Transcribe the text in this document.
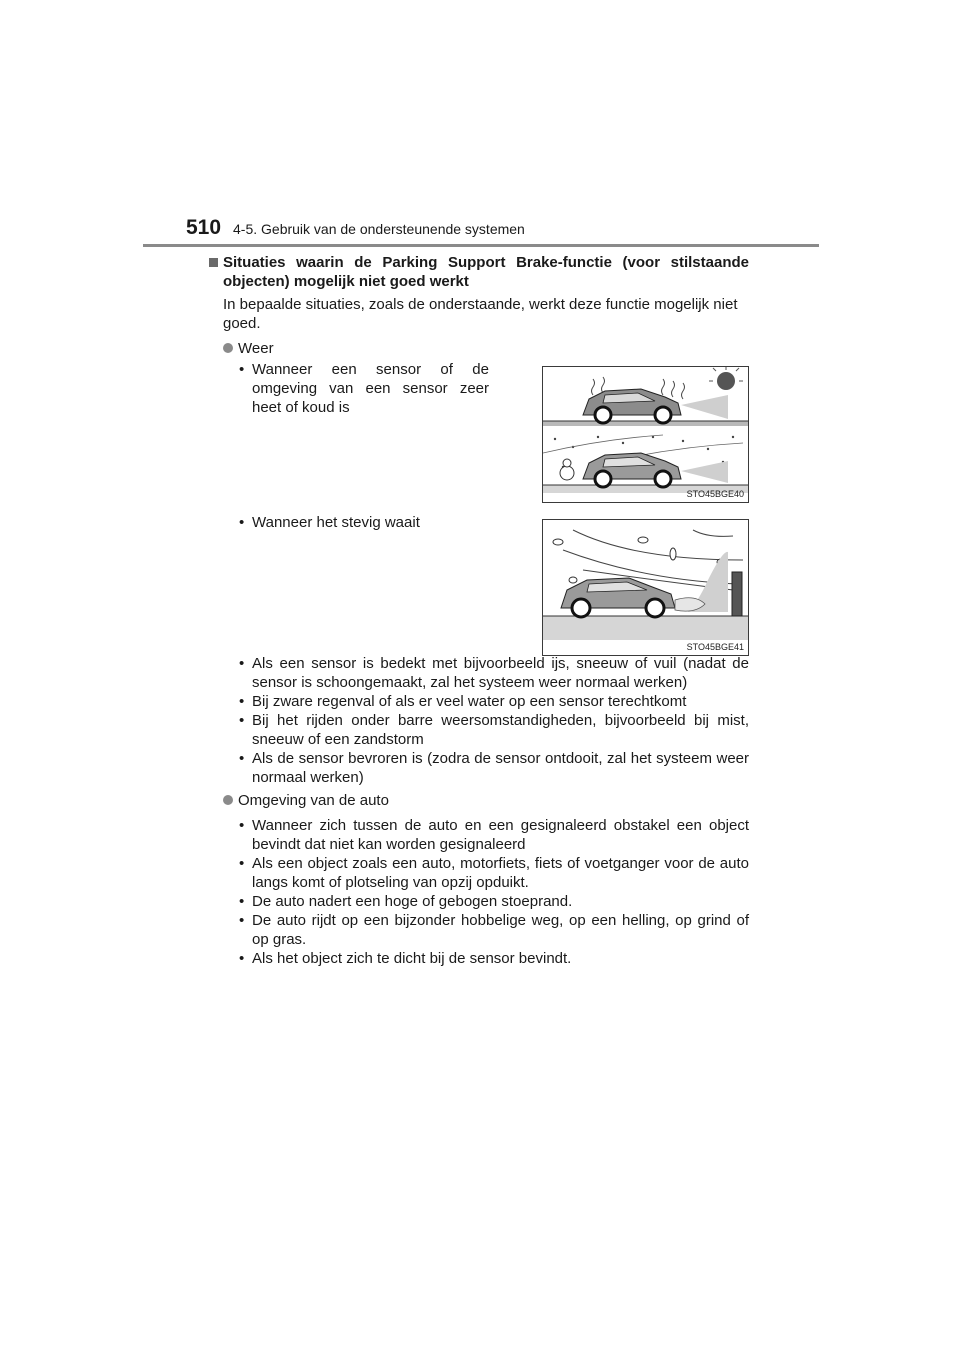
510 4-5. Gebruik van de ondersteunende systemen
Situaties waarin de Parking Support Brake-functie (voor stilstaande objecten) mogelijk niet goed werkt
In bepaalde situaties, zoals de onderstaande, werkt deze functie mogelijk niet goed.
Weer
• Wanneer een sensor of de omgeving van een sensor zeer heet of koud is
STO45BGE40
• Wanneer het stevig waait
STO45BGE41
• Als een sensor is bedekt met bijvoorbeeld ijs, sneeuw of vuil (nadat de sensor is schoongemaakt, zal het systeem weer normaal werken)
• Bij zware regenval of als er veel water op een sensor terechtkomt
• Bij het rijden onder barre weersomstandigheden, bijvoorbeeld bij mist, sneeuw of een zandstorm
• Als de sensor bevroren is (zodra de sensor ontdooit, zal het systeem weer normaal werken)
Omgeving van de auto
• Wanneer zich tussen de auto en een gesignaleerd obstakel een object bevindt dat niet kan worden gesignaleerd
• Als een object zoals een auto, motorfiets, fiets of voetganger voor de auto langs komt of plotseling van opzij opduikt.
• De auto nadert een hoge of gebogen stoeprand.
• De auto rijdt op een bijzonder hobbelige weg, op een helling, op grind of op gras.
• Als het object zich te dicht bij de sensor bevindt.
